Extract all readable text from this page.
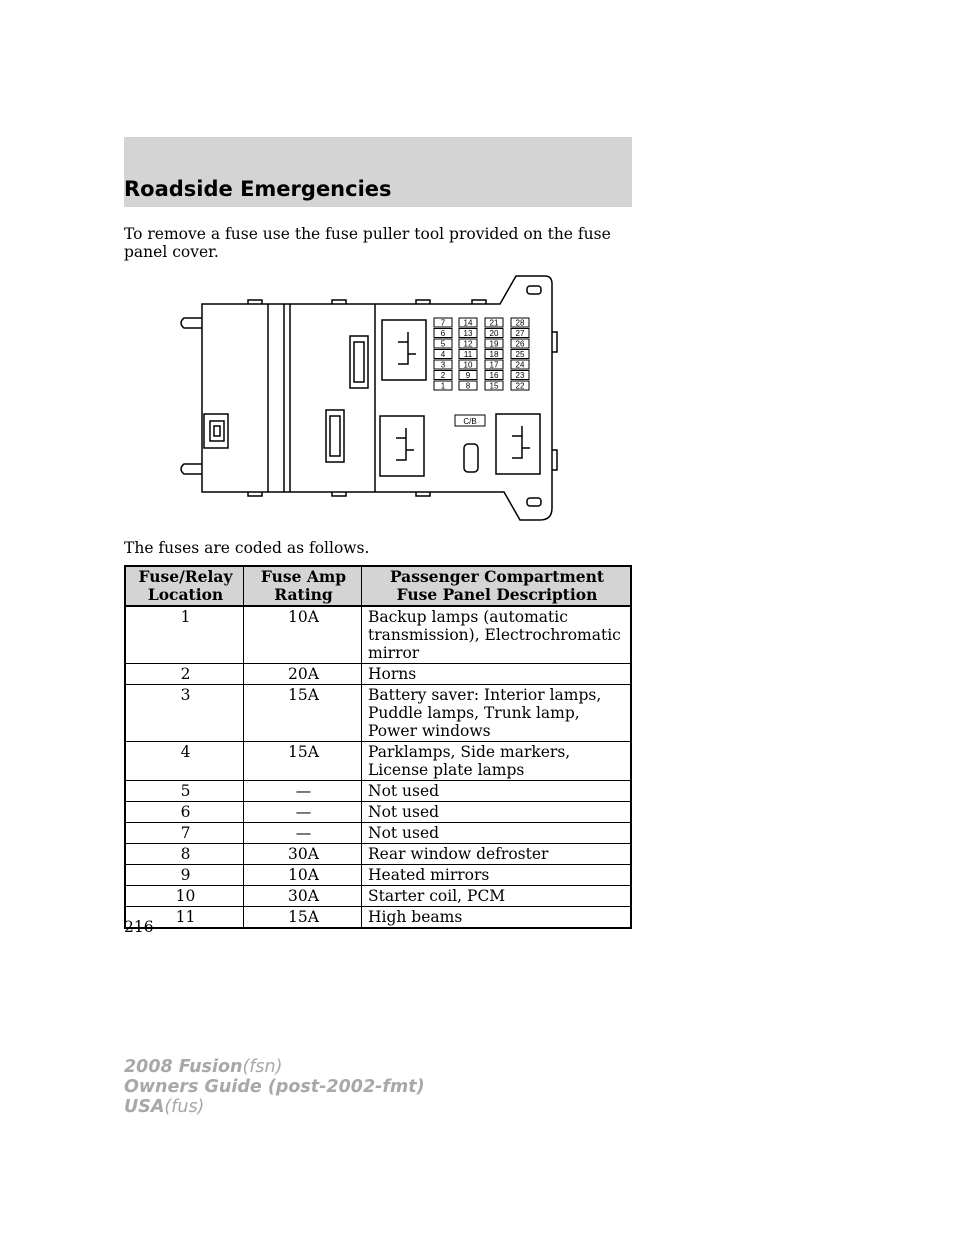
Roadside Emergencies

To remove a fuse use the fuse puller tool provided on the fuse panel cover.

7
6
5
4
3
2
1
14
13
12
11
10
9
8
21
20
19
18
17
16
15
28
27
26
25
24
23
22
C/B

The fuses are coded as follows.

Fuse/Relay Location	Fuse Amp Rating	Passenger Compartment Fuse Panel Description
1	10A	Backup lamps (automatic transmission), Electrochromatic mirror
2	20A	Horns
3	15A	Battery saver: Interior lamps, Puddle lamps, Trunk lamp, Power windows
4	15A	Parklamps, Side markers, License plate lamps
5	—	Not used
6	—	Not used
7	—	Not used
8	30A	Rear window defroster
9	10A	Heated mirrors
10	30A	Starter coil, PCM
11	15A	High beams
216
2008 Fusion(fsn)
Owners Guide (post-2002-fmt)
USA(fus)
